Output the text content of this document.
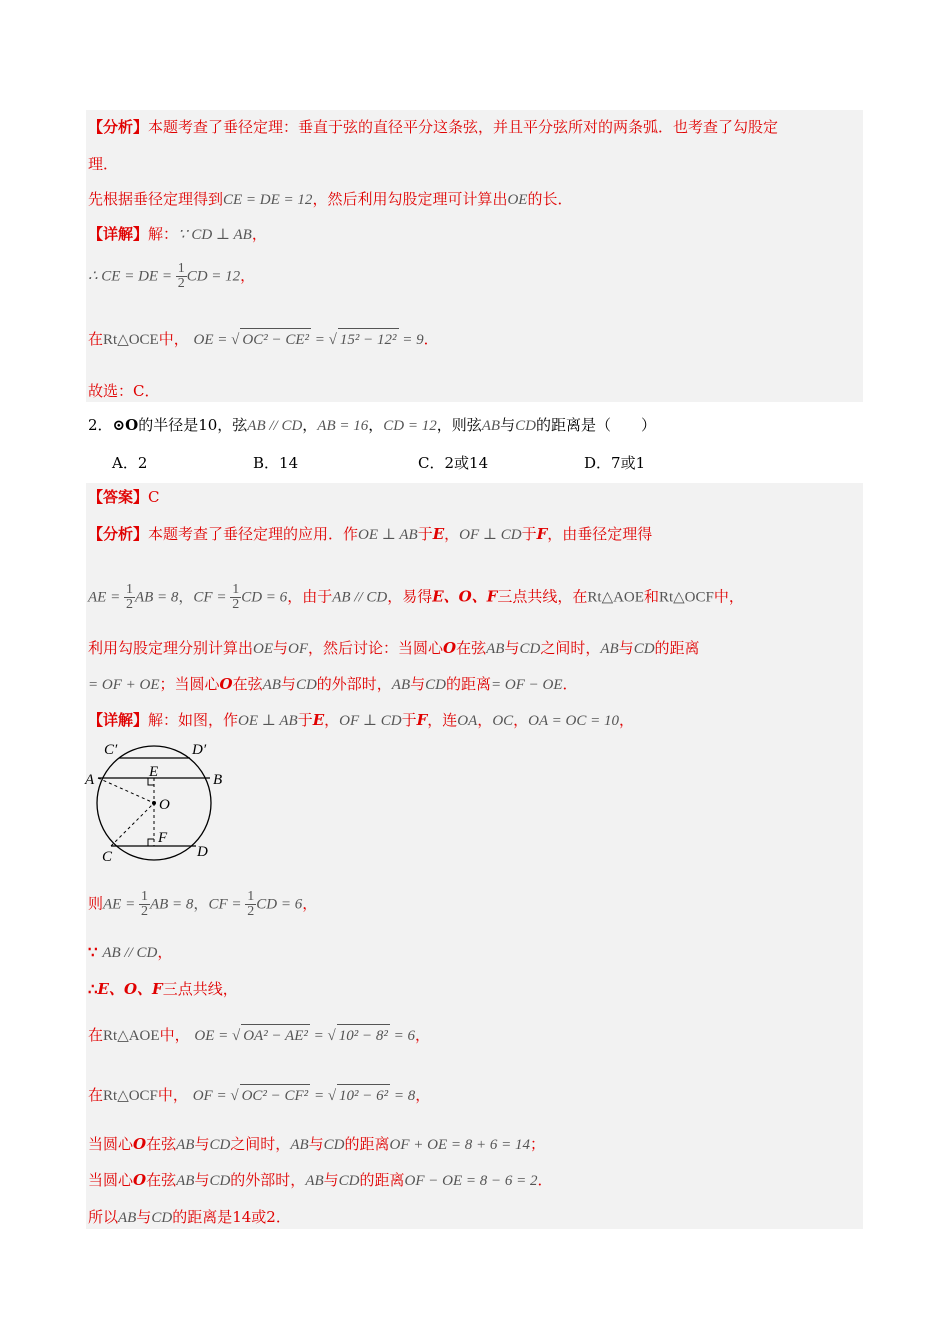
【分析】本题考查了垂径定理：垂直于弦的直径平分这条弦，并且平分弦所对的两条弧．也考查了勾股定
理．
先根据垂径定理得到CE = DE = 12，然后利用勾股定理可计算出OE的长．
【详解】解：∵ CD ⊥ AB，
∴ CE = DE = $\frac{1}{2}$ CD = 12，
在Rt△OCE中， OE = √ OC² − CE² = √ 15² − 12² = 9．
故选：C．
2．⊙O的半径是10，弦AB // CD，AB = 16，CD = 12，则弦AB与CD的距离是（　　）
A．2	B．14	C．2或14	D．7或1
【答案】C
【分析】本题考查了垂径定理的应用．作OE ⊥ AB于E，OF ⊥ CD于F，由垂径定理得
AE = $\frac{1}{2}$ AB = 8，CF = $\frac{1}{2}$ CD = 6，由于AB // CD，易得E、O、F三点共线，在Rt△AOE和Rt△OCF中，
利用勾股定理分别计算出OE与OF，然后讨论：当圆心O在弦AB与CD之间时，AB与CD的距离
= OF + OE；当圆心O在弦AB与CD的外部时，AB与CD的距离= OF − OE．
【详解】解：如图，作OE ⊥ AB于E，OF ⊥ CD于F，连OA，OC，OA = OC = 10，
C′	D′
A	B
E
O
F
C	D
则AE = $\frac{1}{2}$ AB = 8，CF = $\frac{1}{2}$ CD = 6，
∵ AB // CD，
∴E、O、F三点共线，
在Rt△AOE中， OE = √ OA² − AE² = √ 10² − 8² = 6，
在Rt△OCF中， OF = √ OC² − CF² = √ 10² − 6² = 8，
当圆心O在弦AB与CD之间时，AB与CD的距离OF + OE = 8 + 6 = 14；
当圆心O在弦AB与CD的外部时，AB与CD的距离OF − OE = 8 − 6 = 2．
所以AB与CD的距离是14或2．
